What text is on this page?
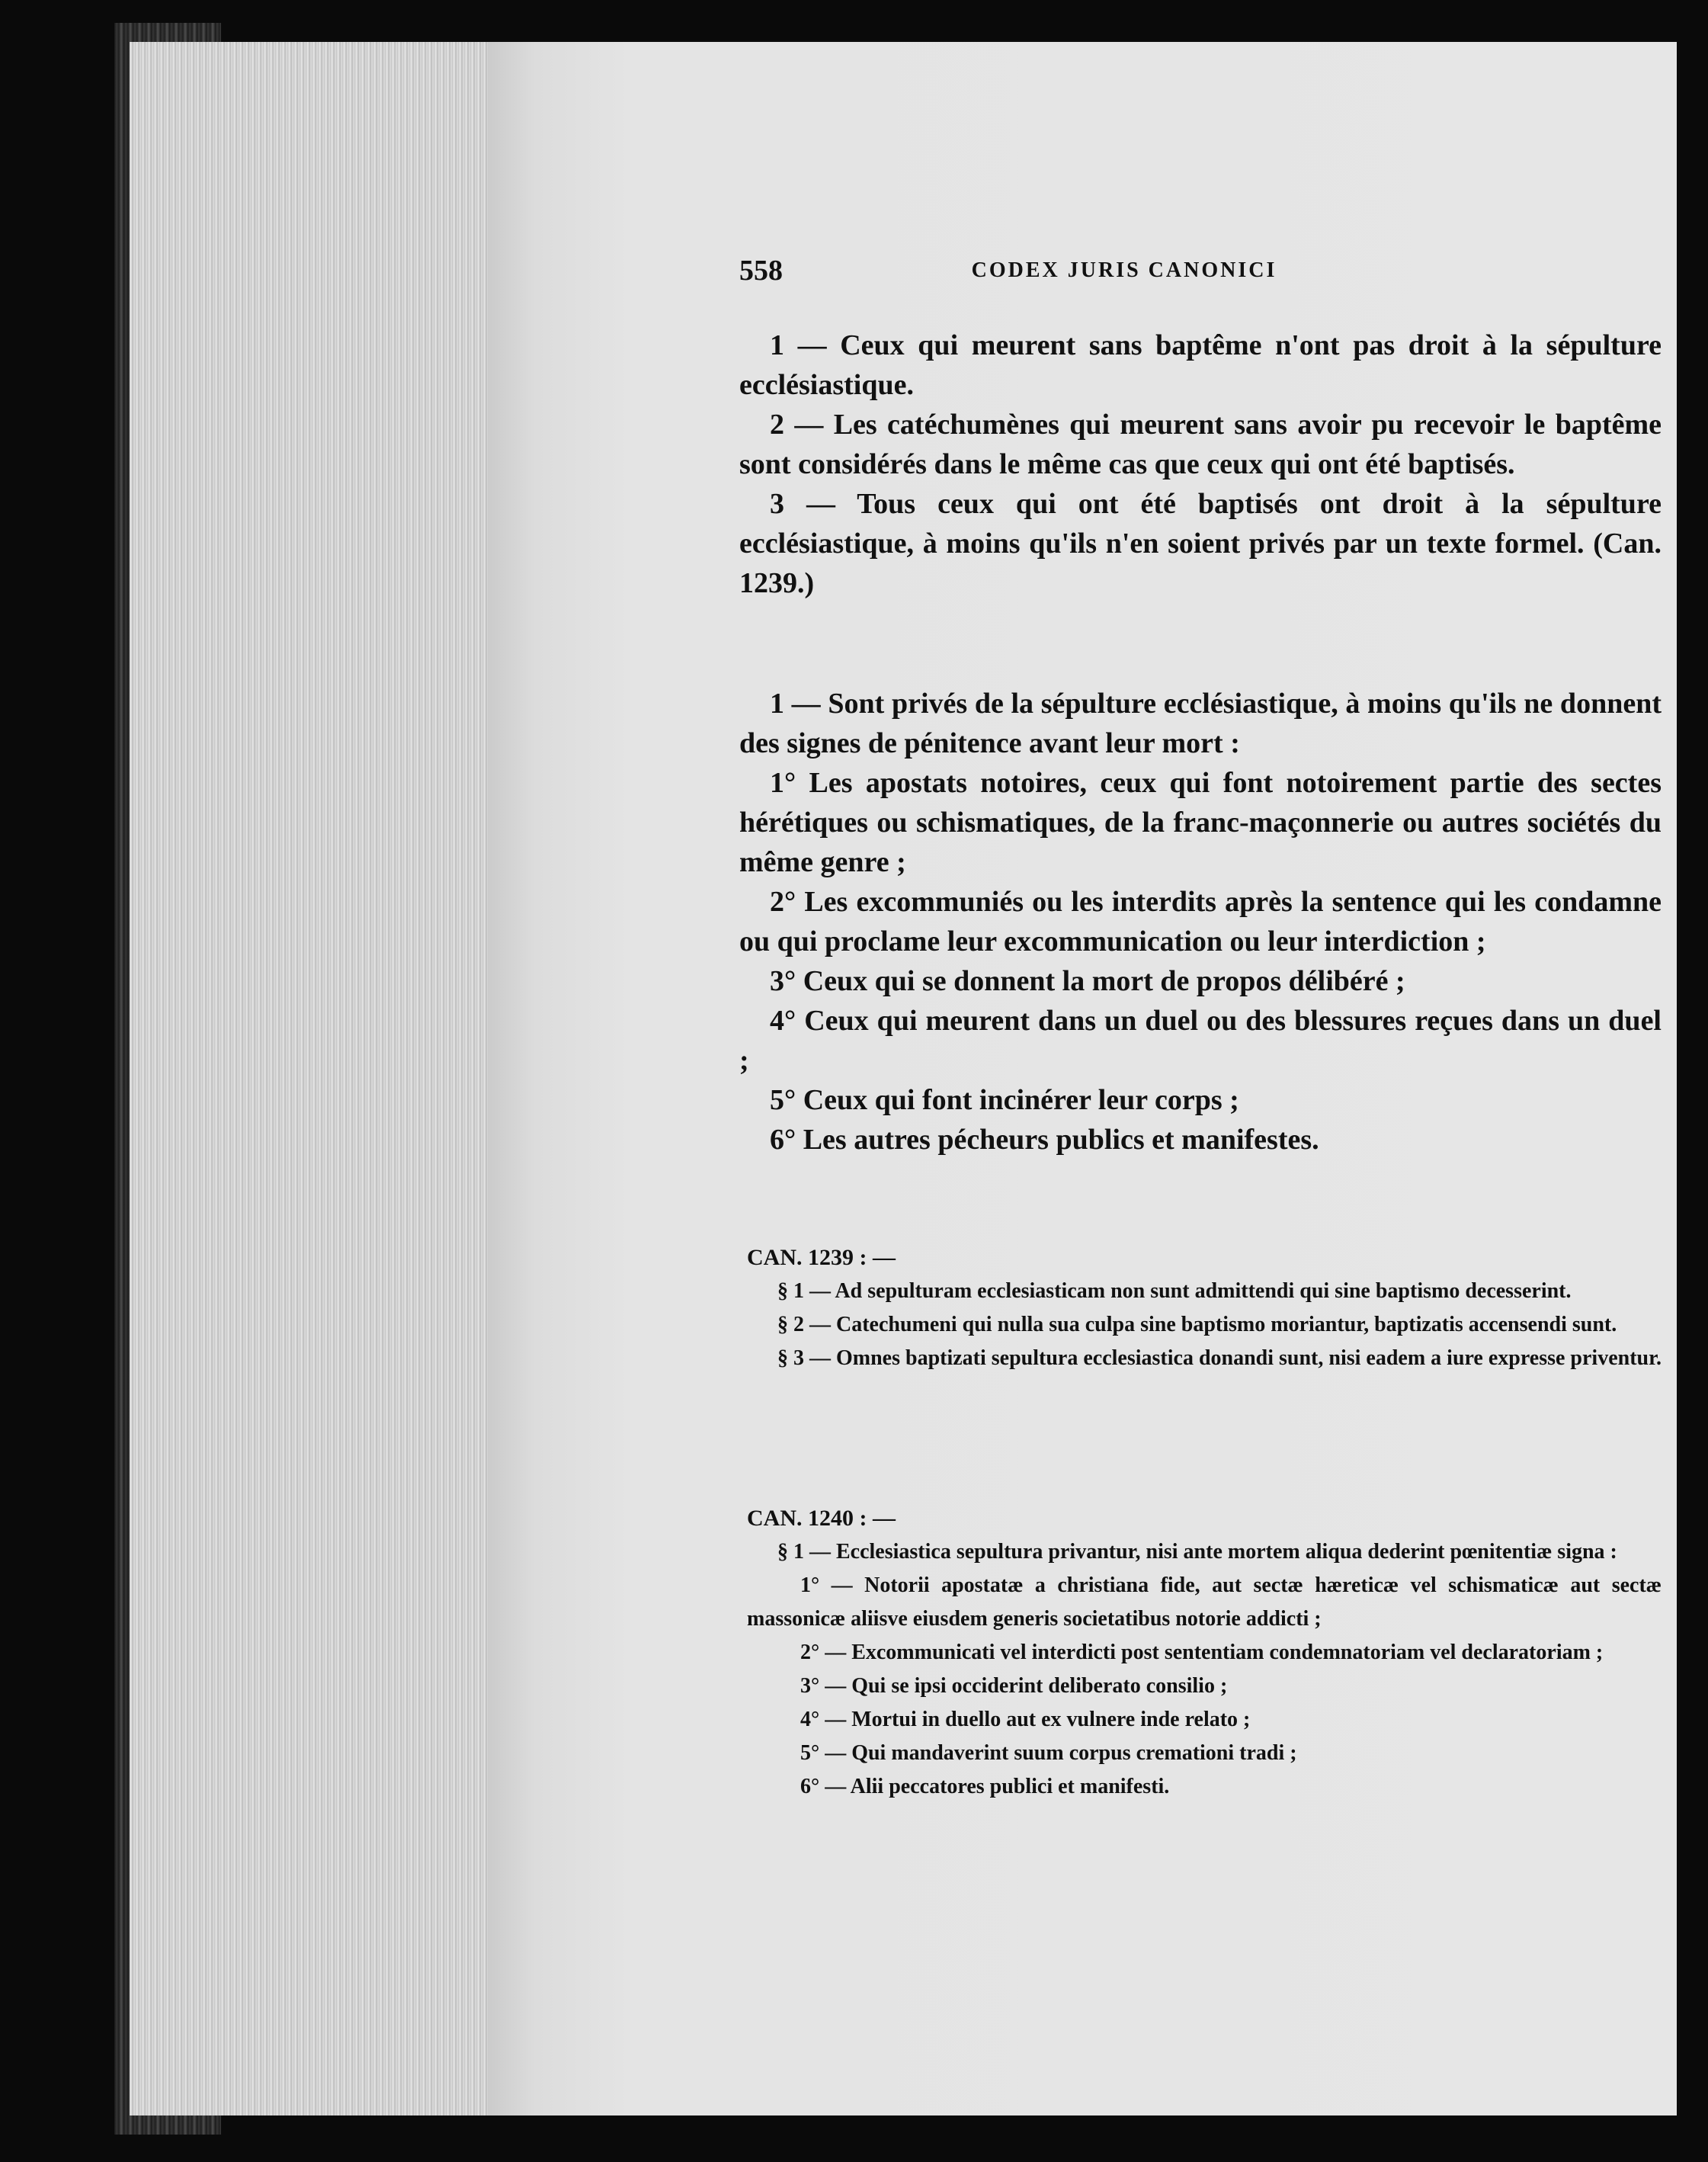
558	CODEX JURIS CANONICI

1 — Ceux qui meurent sans baptême n'ont pas droit à la sépulture ecclésiastique.

2 — Les catéchumènes qui meurent sans avoir pu recevoir le baptême sont considérés dans le même cas que ceux qui ont été baptisés.

3 — Tous ceux qui ont été baptisés ont droit à la sépulture ecclésiastique, à moins qu'ils n'en soient privés par un texte formel. (Can. 1239.)

1 — Sont privés de la sépulture ecclésiastique, à moins qu'ils ne donnent des signes de pénitence avant leur mort :

1° Les apostats notoires, ceux qui font notoirement partie des sectes hérétiques ou schismatiques, de la franc-maçonnerie ou autres sociétés du même genre ;

2° Les excommuniés ou les interdits après la sentence qui les condamne ou qui proclame leur excommunication ou leur interdiction ;

3° Ceux qui se donnent la mort de propos délibéré ;

4° Ceux qui meurent dans un duel ou des blessures reçues dans un duel ;

5° Ceux qui font incinérer leur corps ;

6° Les autres pécheurs publics et manifestes.

CAN. 1239 : —

§ 1 — Ad sepulturam ecclesiasticam non sunt admittendi qui sine baptismo decesserint.

§ 2 — Catechumeni qui nulla sua culpa sine baptismo moriantur, baptizatis accensendi sunt.

§ 3 — Omnes baptizati sepultura ecclesiastica donandi sunt, nisi eadem a iure expresse priventur.

CAN. 1240 : —

§ 1 — Ecclesiastica sepultura privantur, nisi ante mortem aliqua dederint pœnitentiæ signa :

1° — Notorii apostatæ a christiana fide, aut sectæ hæreticæ vel schismaticæ aut sectæ massonicæ aliisve eiusdem generis societatibus notorie addicti ;

2° — Excommunicati vel interdicti post sententiam condemnatoriam vel declaratoriam ;

3° — Qui se ipsi occiderint deliberato consilio ;

4° — Mortui in duello aut ex vulnere inde relato ;

5° — Qui mandaverint suum corpus cremationi tradi ;

6° — Alii peccatores publici et manifesti.
